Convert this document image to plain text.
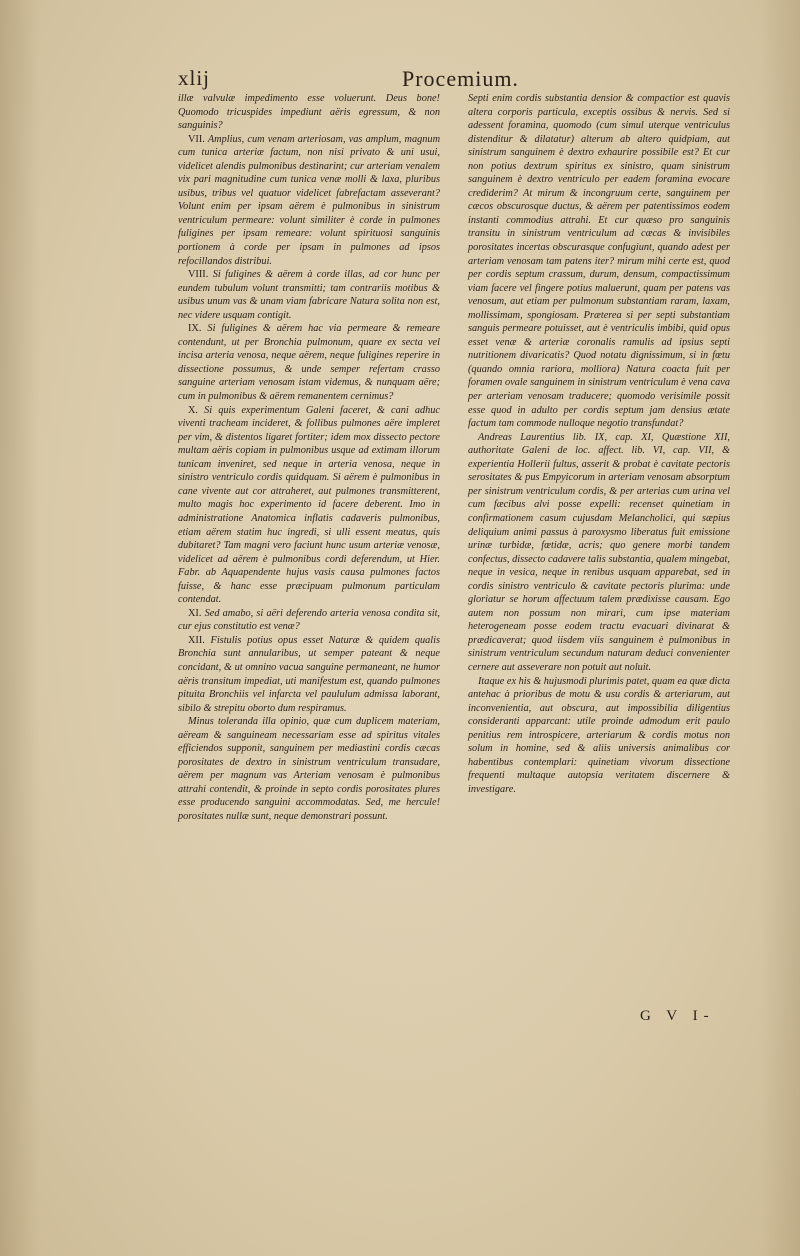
xlij	Procemium.

illæ valvulæ impedimento esse voluerunt. Deus bone! Quomodo tricuspides impediunt aëris egressum, & non sanguinis?

VII. Amplius, cum venam arteriosam, vas amplum, magnum cum tunica arteriæ factum, non nisi privato & uni usui, videlicet alendis pulmonibus destinarint; cur arteriam venalem vix pari magnitudine cum tunica venæ molli & laxa, pluribus usibus, tribus vel quatuor videlicet fabrefactam asseverant? Volunt enim per ipsam aërem è pulmonibus in sinistrum ventriculum permeare: volunt similiter è corde in pulmones fuligines per ipsam remeare: volunt spirituosi sanguinis portionem à corde per ipsam in pulmones ad ipsos refocillandos distribui.

VIII. Si fuligines & aërem à corde illas, ad cor hunc per eundem tubulum volunt transmitti; tam contrariis motibus & usibus unum vas & unam viam fabricare Natura solita non est, nec videre usquam contigit.

IX. Si fuligines & aërem hac via permeare & remeare contendunt, ut per Bronchia pulmonum, quare ex secta vel incisa arteria venosa, neque aërem, neque fuligines reperire in dissectione possumus, & unde semper refertam crasso sanguine arteriam venosam istam videmus, & nunquam aëre; cum in pulmonibus & aërem remanentem cernimus?

X. Si quis experimentum Galeni faceret, & cani adhuc viventi tracheam incideret, & follibus pulmones aëre impleret per vim, & distentos ligaret fortiter; idem mox dissecto pectore multam aëris copiam in pulmonibus usque ad extimam illorum tunicam inveniret, sed neque in arteria venosa, neque in sinistro ventriculo cordis quidquam. Si aërem è pulmonibus in cane vivente aut cor attraheret, aut pulmones transmitterent, multo magis hoc experimento id facere deberent. Imo in administratione Anatomica inflatis cadaveris pulmonibus, etiam aërem statim huc ingredi, si ulli essent meatus, quis dubitaret? Tam magni vero faciunt hunc usum arteriæ venosæ, videlicet ad aërem è pulmonibus cordi deferendum, ut Hier. Fabr. ab Aquapendente hujus vasis causa pulmones factos fuisse, & hanc esse præcipuam pulmonum particulam contendat.

XI. Sed amabo, si aëri deferendo arteria venosa condita sit, cur ejus constitutio est venæ?

XII. Fistulis potius opus esset Naturæ & quidem qualis Bronchia sunt annularibus, ut semper pateant & neque concidant, & ut omnino vacua sanguine permaneant, ne humor aëris transitum impediat, uti manifestum est, quando pulmones pituita Bronchiis vel infarcta vel paululum admissa laborant, sibilo & strepitu oborto dum respiramus.

Minus toleranda illa opinio, quæ cum duplicem materiam, aëream & sanguineam necessariam esse ad spiritus vitales efficiendos supponit, sanguinem per mediastini cordis cæcas porositates de dextro in sinistrum ventriculum transudare, aërem per magnum vas Arteriam venosam è pulmonibus attrahi contendit, & proinde in septo cordis porositates plures esse producendo sanguini accommodatas. Sed, me hercule! porositates nullæ sunt, neque demonstrari possunt.

Septi enim cordis substantia densior & compactior est quavis altera corporis particula, exceptis ossibus & nervis. Sed si adessent foramina, quomodo (cum simul uterque ventriculus distenditur & dilatatur) alterum ab altero quidpiam, aut sinistrum sanguinem è dextro exhaurire possibile est? Et cur non potius dextrum spiritus ex sinistro, quam sinistrum sanguinem è dextro ventriculo per eadem foramina evocare crediderim? At mirum & incongruum certe, sanguinem per cæcos obscurosque ductus, & aërem per patentissimos eodem instanti commodius attrahi. Et cur quæso pro sanguinis transitu in sinistrum ventriculum ad cæcas & invisibiles porositates incertas obscurasque confugiunt, quando adest per arteriam venosam tam patens iter? mirum mihi certe est, quod per cordis septum crassum, durum, densum, compactissimum viam facere vel fingere potius maluerunt, quam per patens vas venosum, aut etiam per pulmonum substantiam raram, laxam, mollissimam, spongiosam. Præterea si per septi substantiam sanguis permeare potuisset, aut è ventriculis imbibi, quid opus esset venæ & arteriæ coronalis ramulis ad ipsius septi nutritionem divaricatis? Quod notatu dignissimum, si in fœtu (quando omnia rariora, molliora) Natura coacta fuit per foramen ovale sanguinem in sinistrum ventriculum è vena cava per arteriam venosam traducere; quomodo verisimile possit esse quod in adulto per cordis septum jam densius ætate factum tam commode nulloque negotio transfundat?

Andreas Laurentius lib. IX, cap. XI, Quæstione XII, authoritate Galeni de loc. affect. lib. VI, cap. VII, & experientia Hollerii fultus, asserit & probat è cavitate pectoris serositates & pus Empyicorum in arteriam venosam absorptum per sinistrum ventriculum cordis, & per arterias cum urina vel cum fæcibus alvi posse expelli: recenset quinetiam in confirmationem casum cujusdam Melancholici, qui sæpius deliquium animi passus à paroxysmo liberatus fuit emissione urinæ turbidæ, fœtidæ, acris; quo genere morbi tandem confectus, dissecto cadavere talis substantia, qualem mingebat, neque in vesica, neque in renibus usquam apparebat, sed in cordis sinistro ventriculo & cavitate pectoris plurima: unde gloriatur se horum affectuum talem prædixisse causam. Ego autem non possum non mirari, cum ipse materiam heterogeneam posse eodem tractu evacuari divinarat & prædicaverat; quod iisdem viis sanguinem è pulmonibus in sinistrum ventriculum secundum naturam deduci convenienter cernere aut asseverare non potuit aut noluit.

Itaque ex his & hujusmodi plurimis patet, quam ea quæ dicta antehac à prioribus de motu & usu cordis & arteriarum, aut inconvenientia, aut obscura, aut impossibilia diligentius consideranti apparcant: utile proinde admodum erit paulo penitius rem introspicere, arteriarum & cordis motus non solum in homine, sed & aliis universis animalibus cor habentibus contemplari: quinetiam vivorum dissectione frequenti multaque autopsia veritatem discernere & investigare.

G V I-
